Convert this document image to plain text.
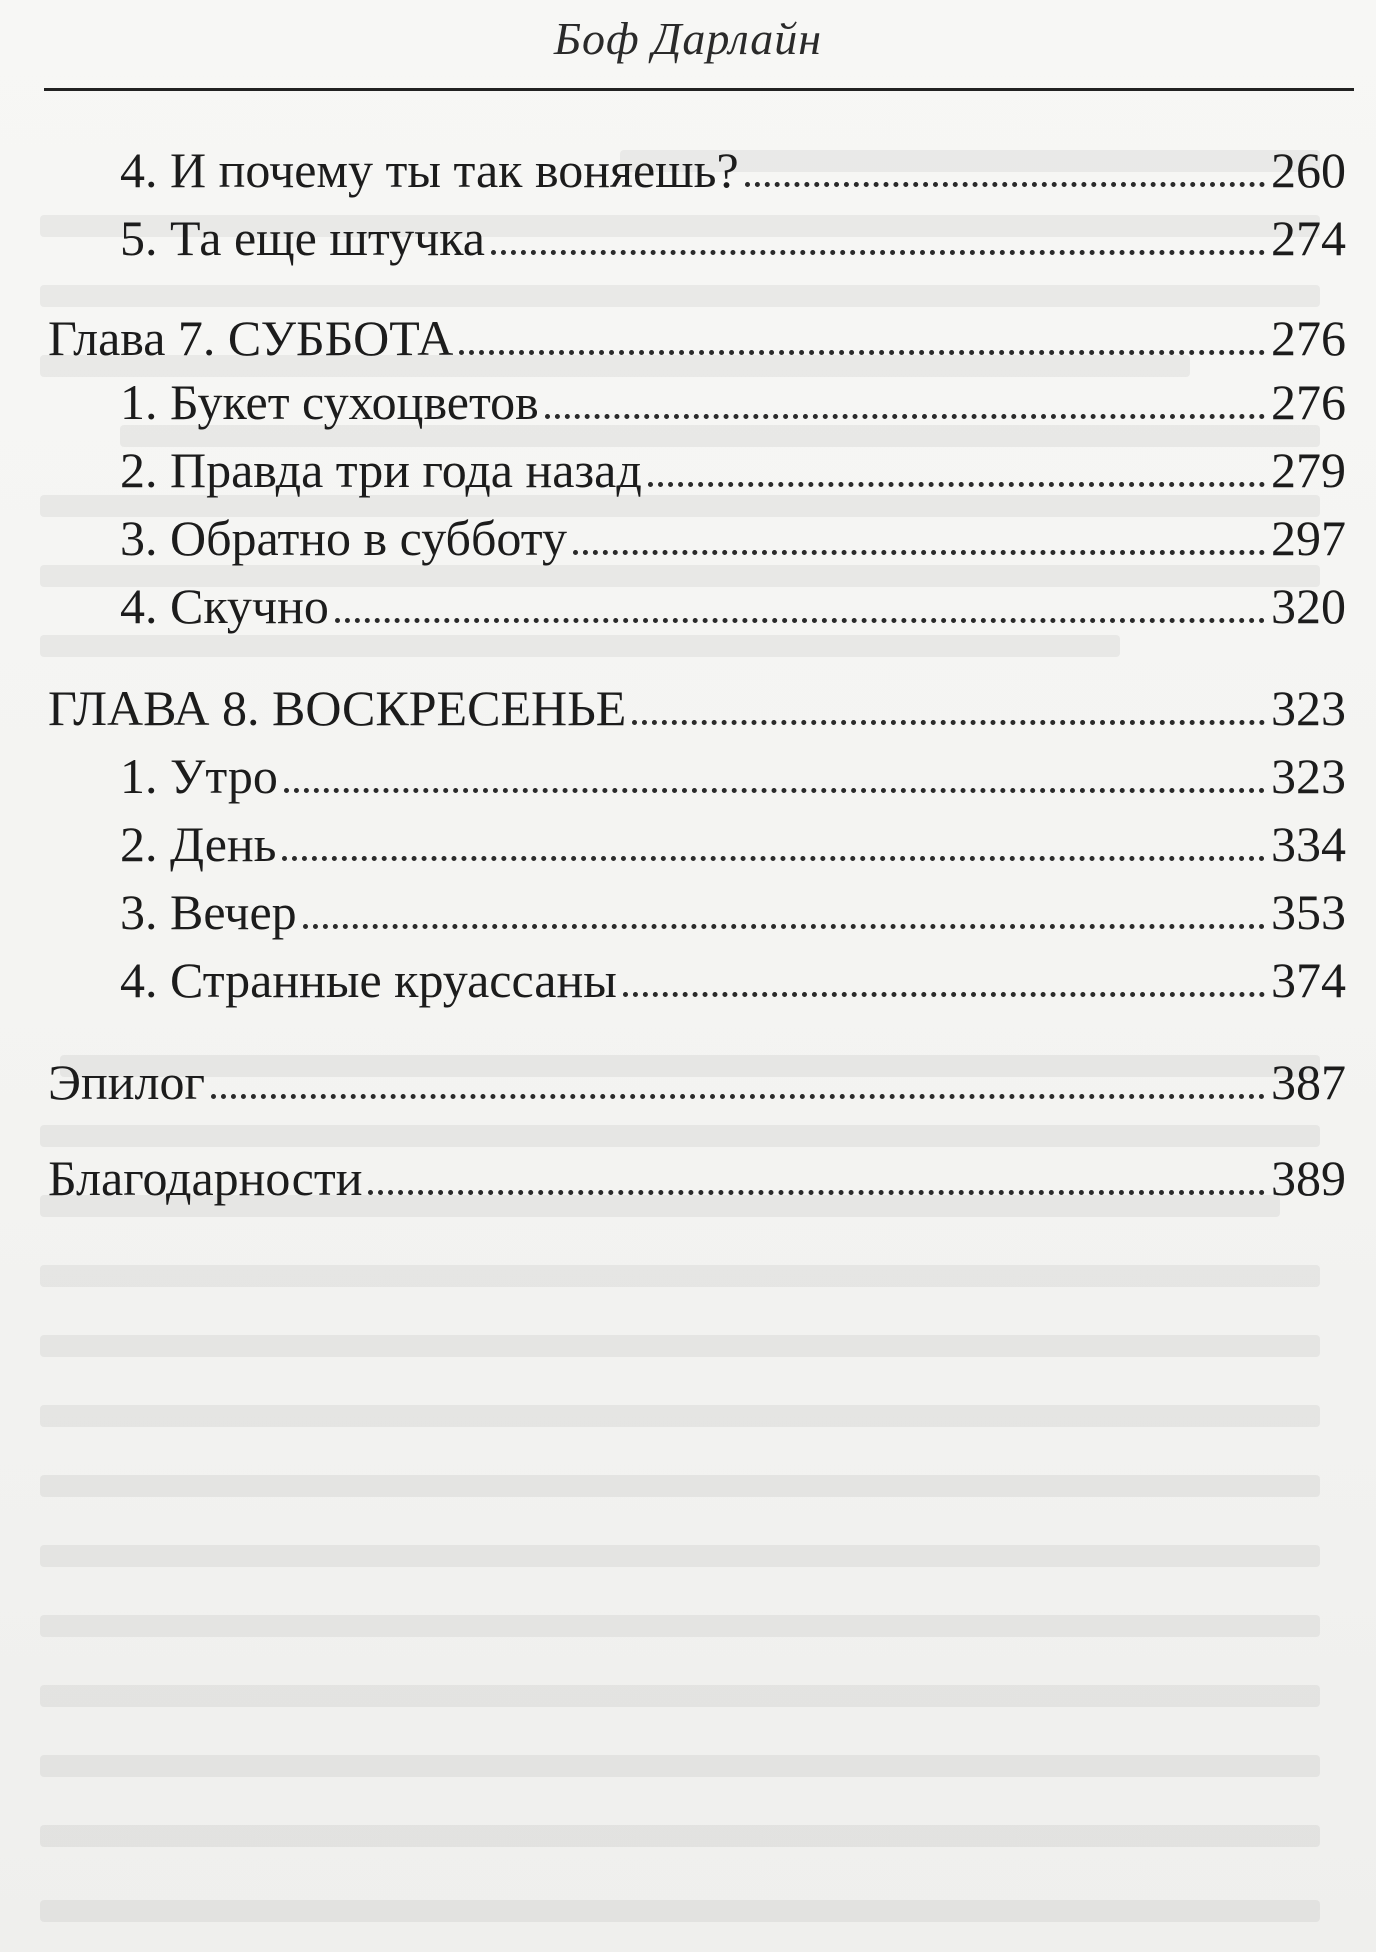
Боф Дарлайн
4. И почему ты так воняешь?	260
5. Та еще штучка	274
Глава 7. СУББОТА	276
1. Букет сухоцветов	276
2. Правда три года назад	279
3. Обратно в субботу	297
4. Скучно	320
ГЛАВА 8. ВОСКРЕСЕНЬЕ	323
1. Утро	323
2. День	334
3. Вечер	353
4. Странные круассаны	374
Эпилог	387
Благодарности	389
